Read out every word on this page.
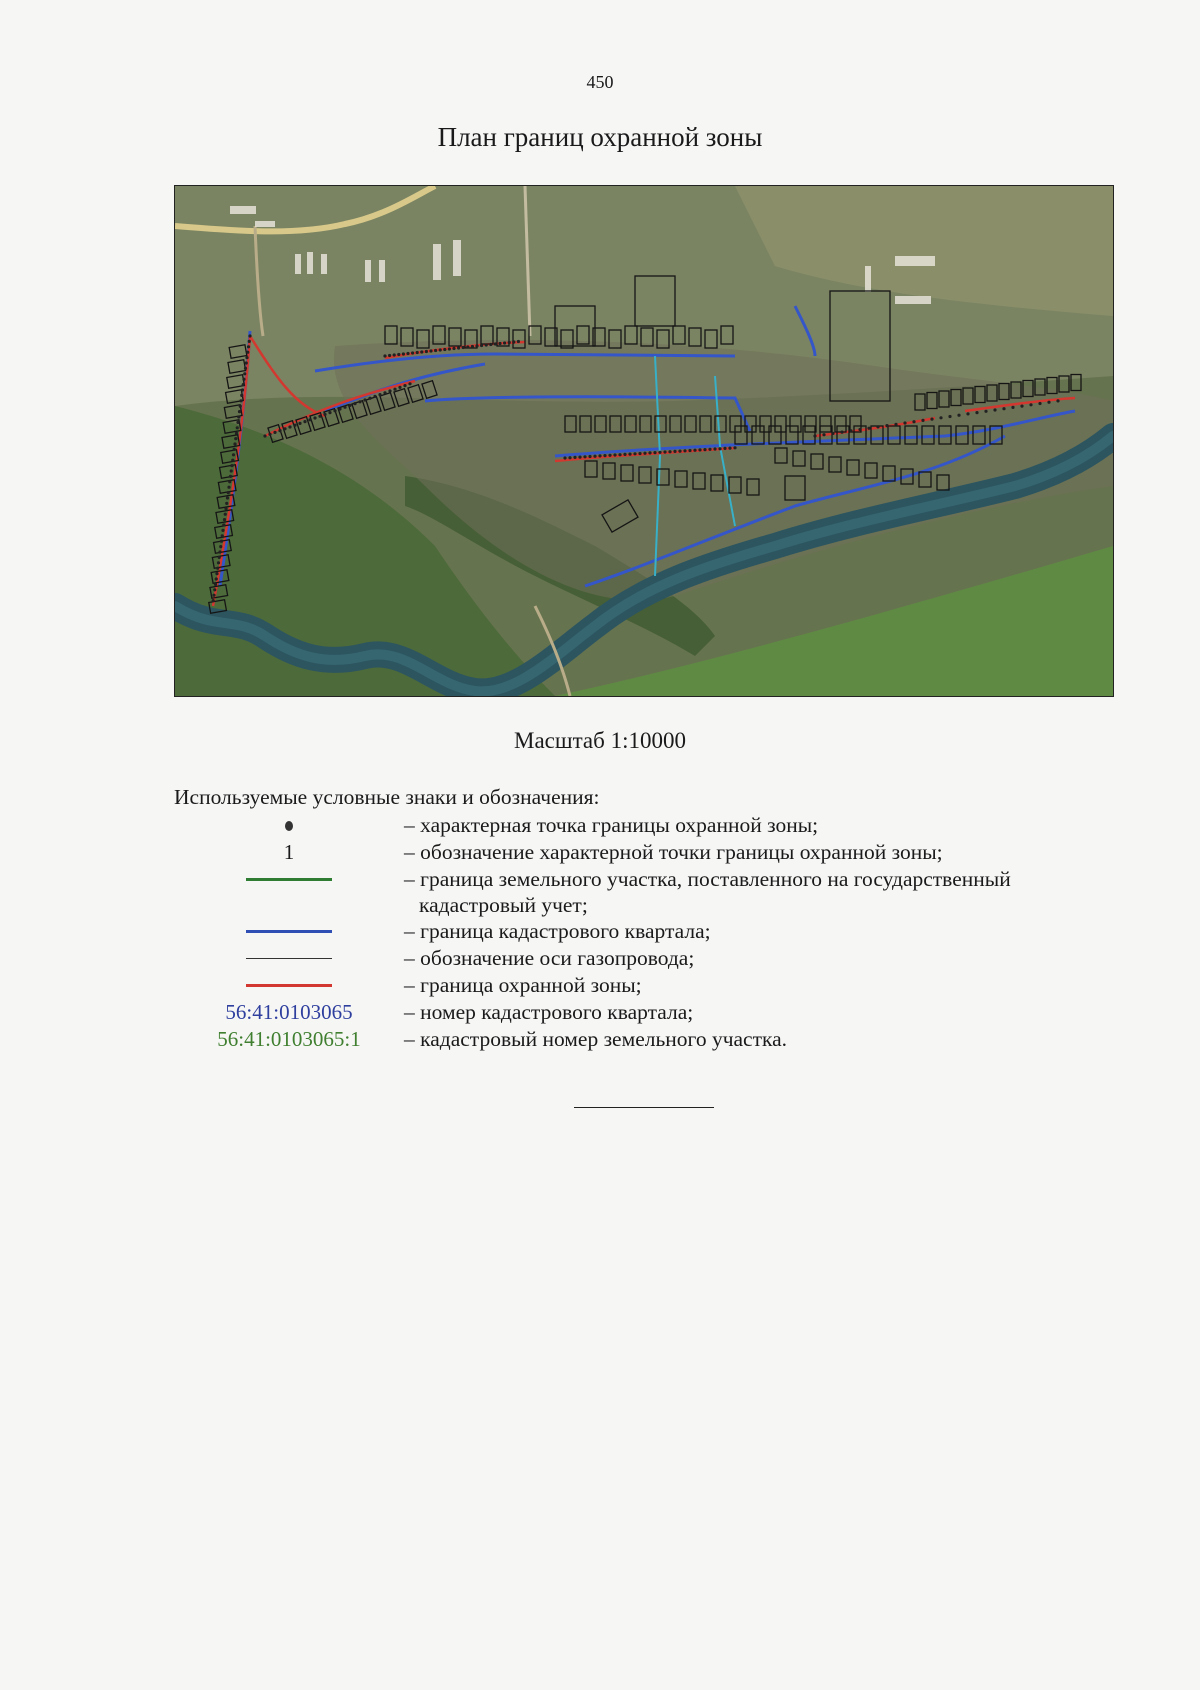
450
План границ охранной зоны
Масштаб 1:10000
Используемые условные знаки и обозначения:
– характерная точка границы охранной зоны;
1	– обозначение характерной точки границы охранной зоны;
– граница земельного участка, поставленного на государственный
кадастровый учет;
– граница кадастрового квартала;
– обозначение оси газопровода;
– граница охранной зоны;
56:41:0103065 – номер кадастрового квартала;
56:41:0103065:1 – кадастровый номер земельного участка.
